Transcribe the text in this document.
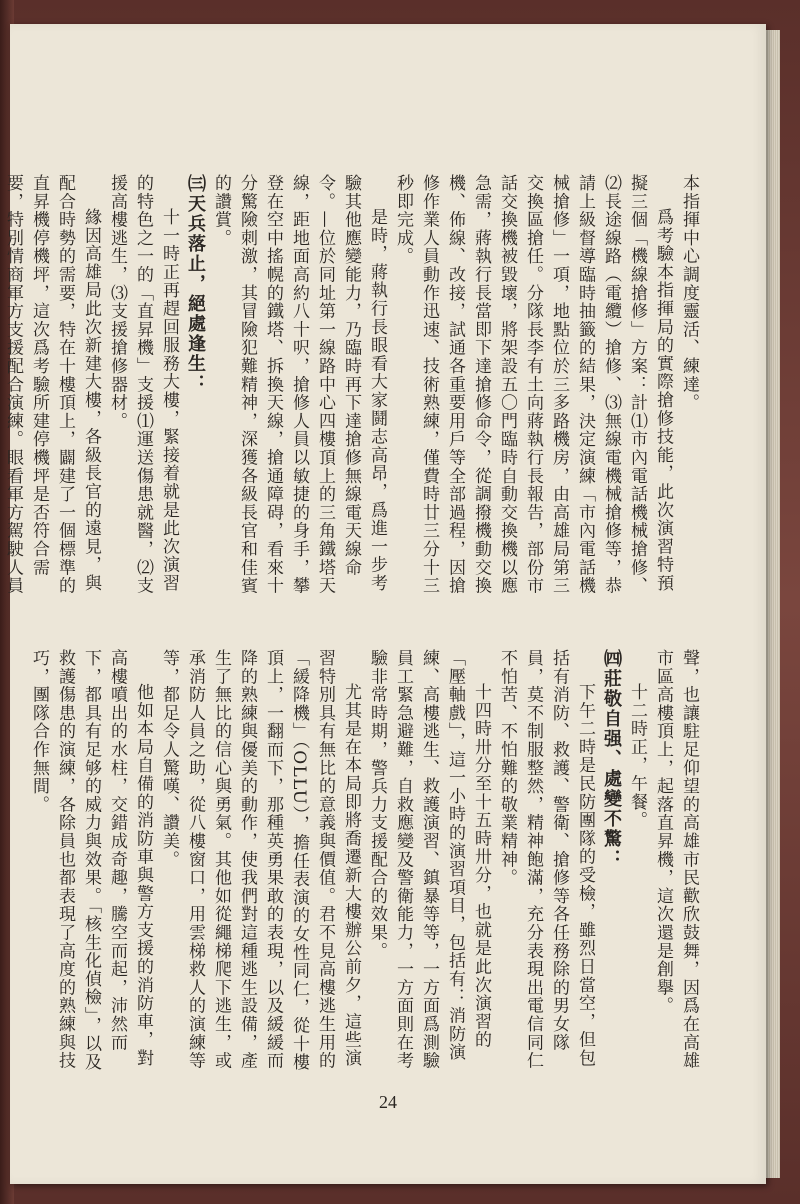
本指揮中心調度靈活、練達。

爲考驗本指揮局的實際搶修技能，此次演習特預擬三個「機線搶修」方案：計⑴市內電話機械搶修、⑵長途線路（電纜）搶修、⑶無線電機械搶修等，恭請上級督導臨時抽籤的結果，決定演練「市內電話機械搶修」一項，地點位於三多路機房，由高雄局第三交換區搶任。分隊長李有土向蔣執行長報告，部份市話交換機被毀壞，將架設五〇門臨時自動交換機以應急需，蔣執行長當即下達搶修命令，從調撥機動交換機、佈線、改接，試通各重要用戶等全部過程，因搶修作業人員動作迅速、技術熟練，僅費時廿三分十三秒即完成。

是時，蔣執行長眼看大家鬪志高昂，爲進一步考驗其他應變能力，乃臨時再下達搶修無線電天線命令。—位於同址第一線路中心四樓頂上的三角鐵塔天線，距地面高約八十呎，搶修人員以敏捷的身手，攀登在空中搖幌的鐵塔、拆換天線，搶通障碍，看來十分驚險刺激，其冒險犯難精神，深獲各級長官和佳賓的讚賞。

㈢天兵落止，絕處逢生：

十一時正再趕回服務大樓，緊接着就是此次演習的特色之一的「直昇機」支援⑴運送傷患就醫，⑵支援高樓逃生，⑶支援搶修器材。

緣因高雄局此次新建大樓，各級長官的遠見，與配合時勢的需要，特在十樓頂上，闢建了一個標準的直昇機停機坪，這次爲考驗所建停機坪是否符合需要，特別情商軍方支援配合演練。眼看軍方駕駛人員

聲，也讓駐足仰望的高雄市民歡欣鼓舞，因爲在高雄市區高樓頂上，起落直昇機，這次還是創擧。

十二時正，午餐。

㈣莊敬自强、處變不驚：

下午二時是民防團隊的受檢，雖烈日當空，但包括有消防、救護、警衛、搶修等各任務除的男女隊員，莫不制服整然，精神飽滿，充分表現出電信同仁不怕苦、不怕難的敬業精神。

十四時卅分至十五時卅分，也就是此次演習的「壓軸戲」，這一小時的演習項目，包括有：消防演練、高樓逃生、救護演習、鎮暴等等，一方面爲測驗員工緊急避難，自救應變及警衛能力，一方面則在考驗非常時期，警兵力支援配合的效果。

尤其是在本局即將喬遷新大樓辦公前夕，這些演習特別具有無比的意義與價值。君不見高樓逃生用的「緩降機」（OLLU），擔任表演的女性同仁，從十樓頂上，一翻而下，那種英勇果敢的表現，以及緩緩而降的熟練與優美的動作，使我們對這種逃生設備，產生了無比的信心與勇氣。其他如從繩梯爬下逃生，或承消防人員之助，從八樓窗口，用雲梯救人的演練等等，都足令人驚嘆、讚美。

他如本局自備的消防車與警方支援的消防車，對高樓噴出的水柱，交錯成奇趣，騰空而起，沛然而下，都具有足够的威力與效果。「核生化偵檢」，以及救護傷患的演練，各除員也都表現了高度的熟練與技巧，團隊合作無間。

24
